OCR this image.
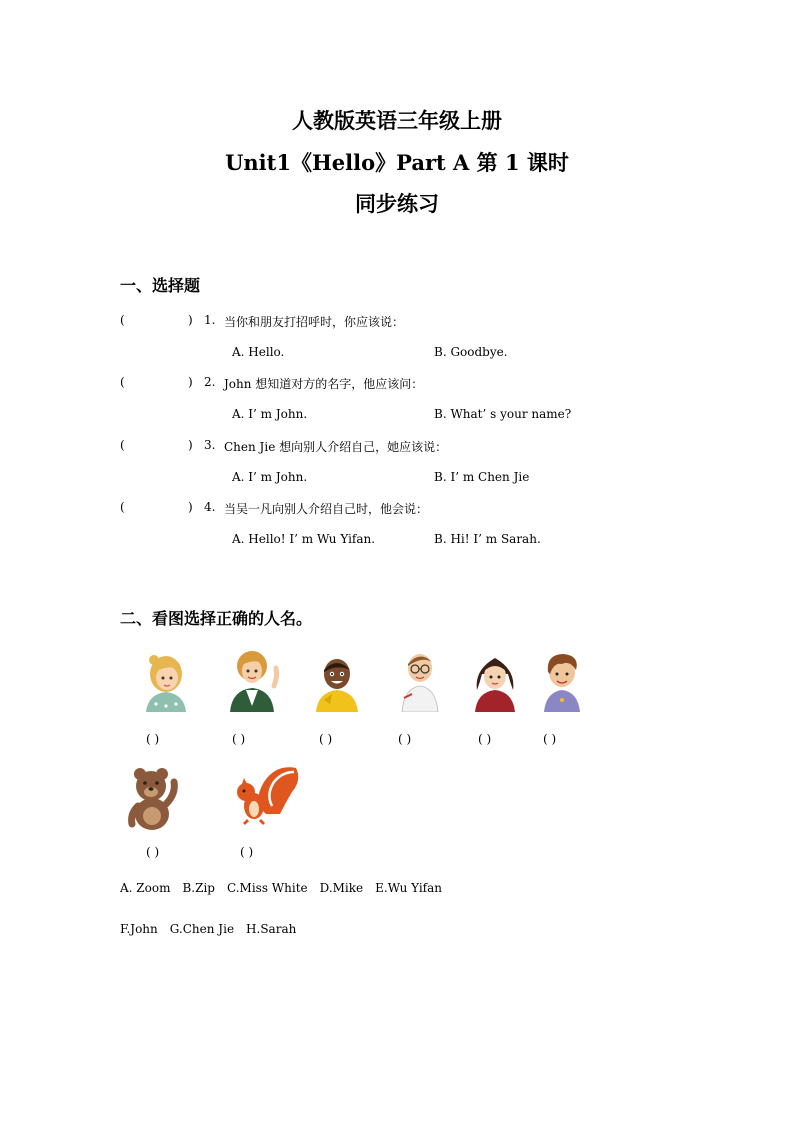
人教版英语三年级上册
Unit1《Hello》Part A 第 1 课时
同步练习
一、选择题
(	) 1. 当你和朋友打招呼时，你应该说：
A. Hello.	B. Goodbye.
(	) 2. John 想知道对方的名字，他应该问：
A. I’ m John.	B. What’ s your name?
(	) 3. Chen Jie 想向别人介绍自己，她应该说：
A. I’ m John.	B. I’ m Chen Jie
(	) 4. 当吴一凡向别人介绍自己时，他会说：
A. Hello! I’ m Wu Yifan.	B. Hi! I’ m Sarah.
二、看图选择正确的人名。
( )	( )	( )	( )	( )	( )
( )	( )
A. Zoom B.Zip C.Miss White D.Mike E.Wu Yifan
F.John G.Chen Jie H.Sarah
